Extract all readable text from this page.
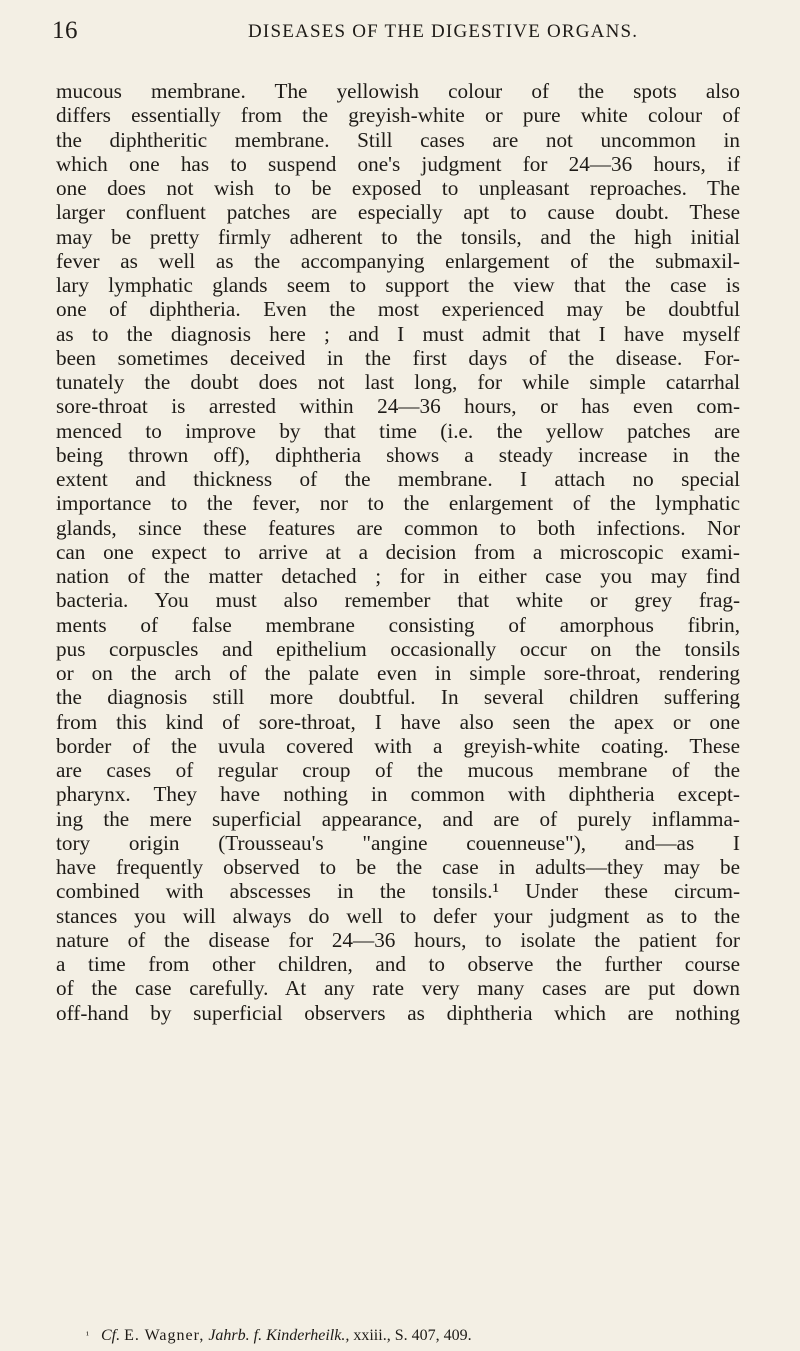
16	DISEASES OF THE DIGESTIVE ORGANS.
mucous membrane. The yellowish colour of the spots also
differs essentially from the greyish-white or pure white colour of
the diphtheritic membrane. Still cases are not uncommon in
which one has to suspend one's judgment for 24—36 hours, if
one does not wish to be exposed to unpleasant reproaches. The
larger confluent patches are especially apt to cause doubt. These
may be pretty firmly adherent to the tonsils, and the high initial
fever as well as the accompanying enlargement of the submaxil-
lary lymphatic glands seem to support the view that the case is
one of diphtheria. Even the most experienced may be doubtful
as to the diagnosis here ; and I must admit that I have myself
been sometimes deceived in the first days of the disease. For-
tunately the doubt does not last long, for while simple catarrhal
sore-throat is arrested within 24—36 hours, or has even com-
menced to improve by that time (i.e. the yellow patches are
being thrown off), diphtheria shows a steady increase in the
extent and thickness of the membrane. I attach no special
importance to the fever, nor to the enlargement of the lymphatic
glands, since these features are common to both infections. Nor
can one expect to arrive at a decision from a microscopic exami-
nation of the matter detached ; for in either case you may find
bacteria. You must also remember that white or grey frag-
ments of false membrane consisting of amorphous fibrin,
pus corpuscles and epithelium occasionally occur on the tonsils
or on the arch of the palate even in simple sore-throat, rendering
the diagnosis still more doubtful. In several children suffering
from this kind of sore-throat, I have also seen the apex or one
border of the uvula covered with a greyish-white coating. These
are cases of regular croup of the mucous membrane of the
pharynx. They have nothing in common with diphtheria except-
ing the mere superficial appearance, and are of purely inflamma-
tory origin (Trousseau's "angine couenneuse"), and—as I
have frequently observed to be the case in adults—they may be
combined with abscesses in the tonsils.¹ Under these circum-
stances you will always do well to defer your judgment as to the
nature of the disease for 24—36 hours, to isolate the patient for
a time from other children, and to observe the further course
of the case carefully. At any rate very many cases are put down
off-hand by superficial observers as diphtheria which are nothing
$^{^1}$ Cf. E. Wagner, Jahrb. f. Kinderheilk., xxiii., S. 407, 409.
